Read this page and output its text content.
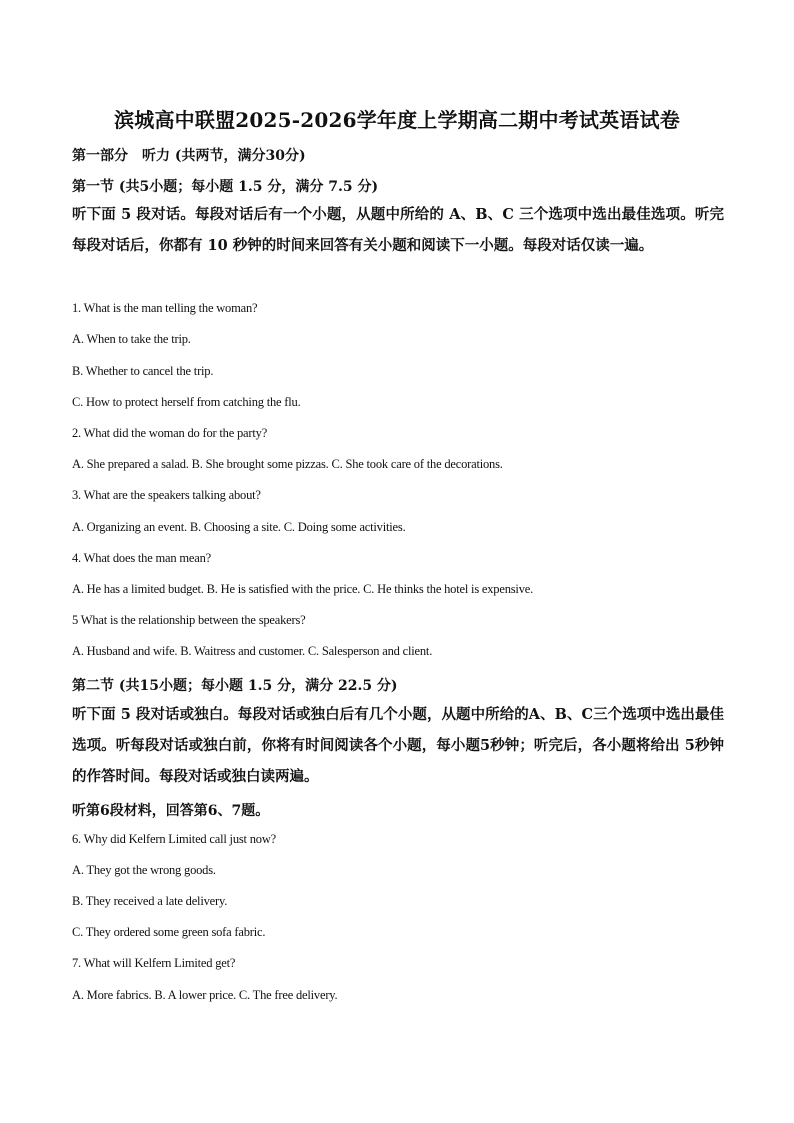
滨城高中联盟2025-2026学年度上学期高二期中考试英语试卷
第一部分　听力 (共两节，满分30分)
第一节 (共5小题；每小题 1.5 分，满分 7.5 分)
听下面 5 段对话。每段对话后有一个小题，从题中所给的 A、B、C 三个选项中选出最佳选项。听完每段对话后，你都有 10 秒钟的时间来回答有关小题和阅读下一小题。每段对话仅读一遍。
1. What is the man telling the woman?
A. When to take the trip.
B. Whether to cancel the trip.
C. How to protect herself from catching the flu.
2. What did the woman do for the party?
A. She prepared a salad. B. She brought some pizzas. C. She took care of the decorations.
3. What are the speakers talking about?
A. Organizing an event. B. Choosing a site. C. Doing some activities.
4. What does the man mean?
A. He has a limited budget. B. He is satisfied with the price. C. He thinks the hotel is expensive.
5 What is the relationship between the speakers?
A. Husband and wife. B. Waitress and customer. C. Salesperson and client.
第二节 (共15小题；每小题 1.5 分，满分 22.5 分)
听下面 5 段对话或独白。每段对话或独白后有几个小题，从题中所给的A、B、C三个选项中选出最佳选项。听每段对话或独白前，你将有时间阅读各个小题，每小题5秒钟；听完后，各小题将给出 5秒钟的作答时间。每段对话或独白读两遍。
听第6段材料，回答第6、7题。
6. Why did Kelfern Limited call just now?
A. They got the wrong goods.
B. They received a late delivery.
C. They ordered some green sofa fabric.
7. What will Kelfern Limited get?
A. More fabrics. B. A lower price. C. The free delivery.
